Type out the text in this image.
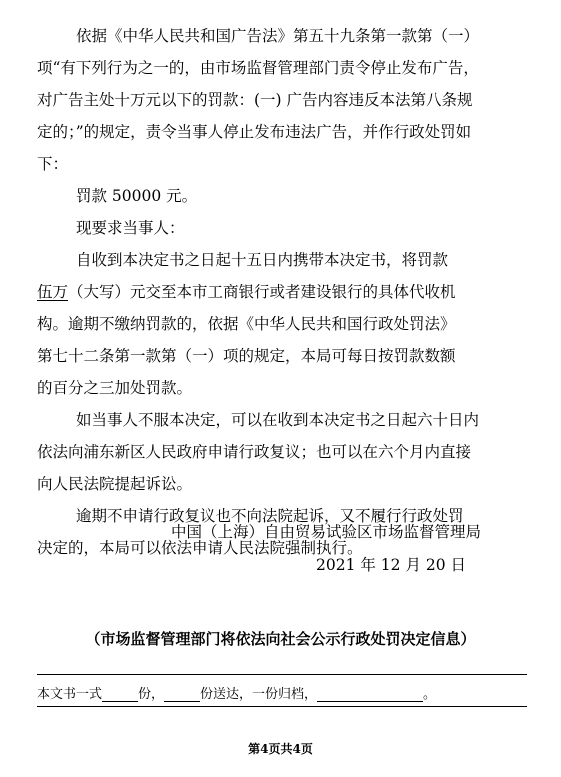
依据《中华人民共和国广告法》第五十九条第一款第（一）
项“有下列行为之一的，由市场监督管理部门责令停止发布广告，
对广告主处十万元以下的罚款：(一) 广告内容违反本法第八条规
定的；”的规定，责令当事人停止发布违法广告，并作行政处罚如
下：
罚款 50000 元。
现要求当事人：
自收到本决定书之日起十五日内携带本决定书，将罚款
伍万（大写）元交至本市工商银行或者建设银行的具体代收机
构。逾期不缴纳罚款的，依据《中华人民共和国行政处罚法》
第七十二条第一款第（一）项的规定，本局可每日按罚款数额
的百分之三加处罚款。
如当事人不服本决定，可以在收到本决定书之日起六十日内
依法向浦东新区人民政府申请行政复议；也可以在六个月内直接
向人民法院提起诉讼。
逾期不申请行政复议也不向法院起诉，又不履行行政处罚
决定的，本局可以依法申请人民法院强制执行。
中国（上海）自由贸易试验区市场监督管理局
2021 年 12 月 20 日
（市场监督管理部门将依法向社会公示行政处罚决定信息）
本文书一式	份，	份送达，一份归档，	。
第4页共4页
